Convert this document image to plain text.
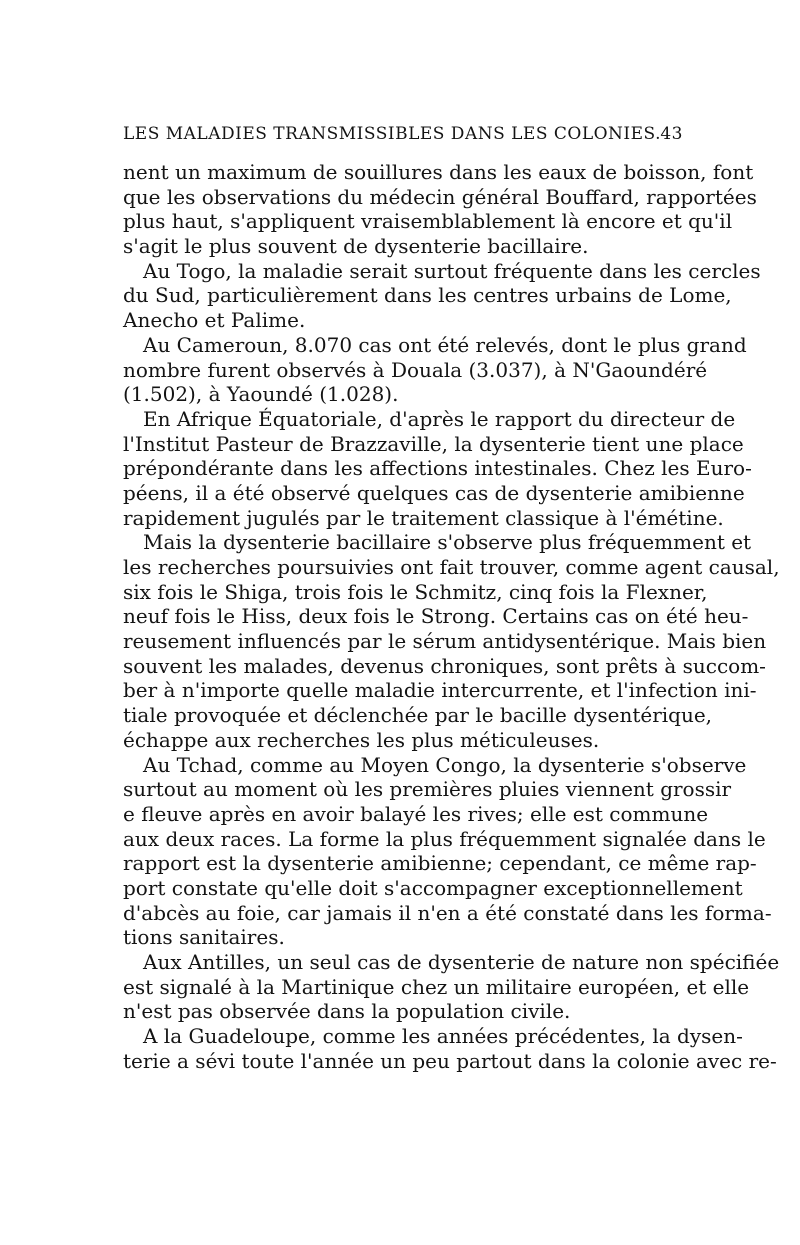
LES MALADIES TRANSMISSIBLES DANS LES COLONIES. 43
nent un maximum de souillures dans les eaux de boisson, font
que les observations du médecin général Bouffard, rapportées
plus haut, s'appliquent vraisemblablement là encore et qu'il
s'agit le plus souvent de dysenterie bacillaire.
Au Togo, la maladie serait surtout fréquente dans les cercles
du Sud, particulièrement dans les centres urbains de Lome,
Anecho et Palime.
Au Cameroun, 8.070 cas ont été relevés, dont le plus grand
nombre furent observés à Douala (3.037), à N'Gaoundéré
(1.502), à Yaoundé (1.028).
En Afrique Équatoriale, d'après le rapport du directeur de
l'Institut Pasteur de Brazzaville, la dysenterie tient une place
prépondérante dans les affections intestinales. Chez les Euro-
péens, il a été observé quelques cas de dysenterie amibienne
rapidement jugulés par le traitement classique à l'émétine.
Mais la dysenterie bacillaire s'observe plus fréquemment et
les recherches poursuivies ont fait trouver, comme agent causal,
six fois le Shiga, trois fois le Schmitz, cinq fois la Flexner,
neuf fois le Hiss, deux fois le Strong. Certains cas on été heu-
reusement influencés par le sérum antidysentérique. Mais bien
souvent les malades, devenus chroniques, sont prêts à succom-
ber à n'importe quelle maladie intercurrente, et l'infection ini-
tiale provoquée et déclenchée par le bacille dysentérique,
échappe aux recherches les plus méticuleuses.
Au Tchad, comme au Moyen Congo, la dysenterie s'observe
surtout au moment où les premières pluies viennent grossir
e fleuve après en avoir balayé les rives; elle est commune
aux deux races. La forme la plus fréquemment signalée dans le
rapport est la dysenterie amibienne; cependant, ce même rap-
port constate qu'elle doit s'accompagner exceptionnellement
d'abcès au foie, car jamais il n'en a été constaté dans les forma-
tions sanitaires.
Aux Antilles, un seul cas de dysenterie de nature non spécifiée
est signalé à la Martinique chez un militaire européen, et elle
n'est pas observée dans la population civile.
A la Guadeloupe, comme les années précédentes, la dysen-
terie a sévi toute l'année un peu partout dans la colonie avec re-
